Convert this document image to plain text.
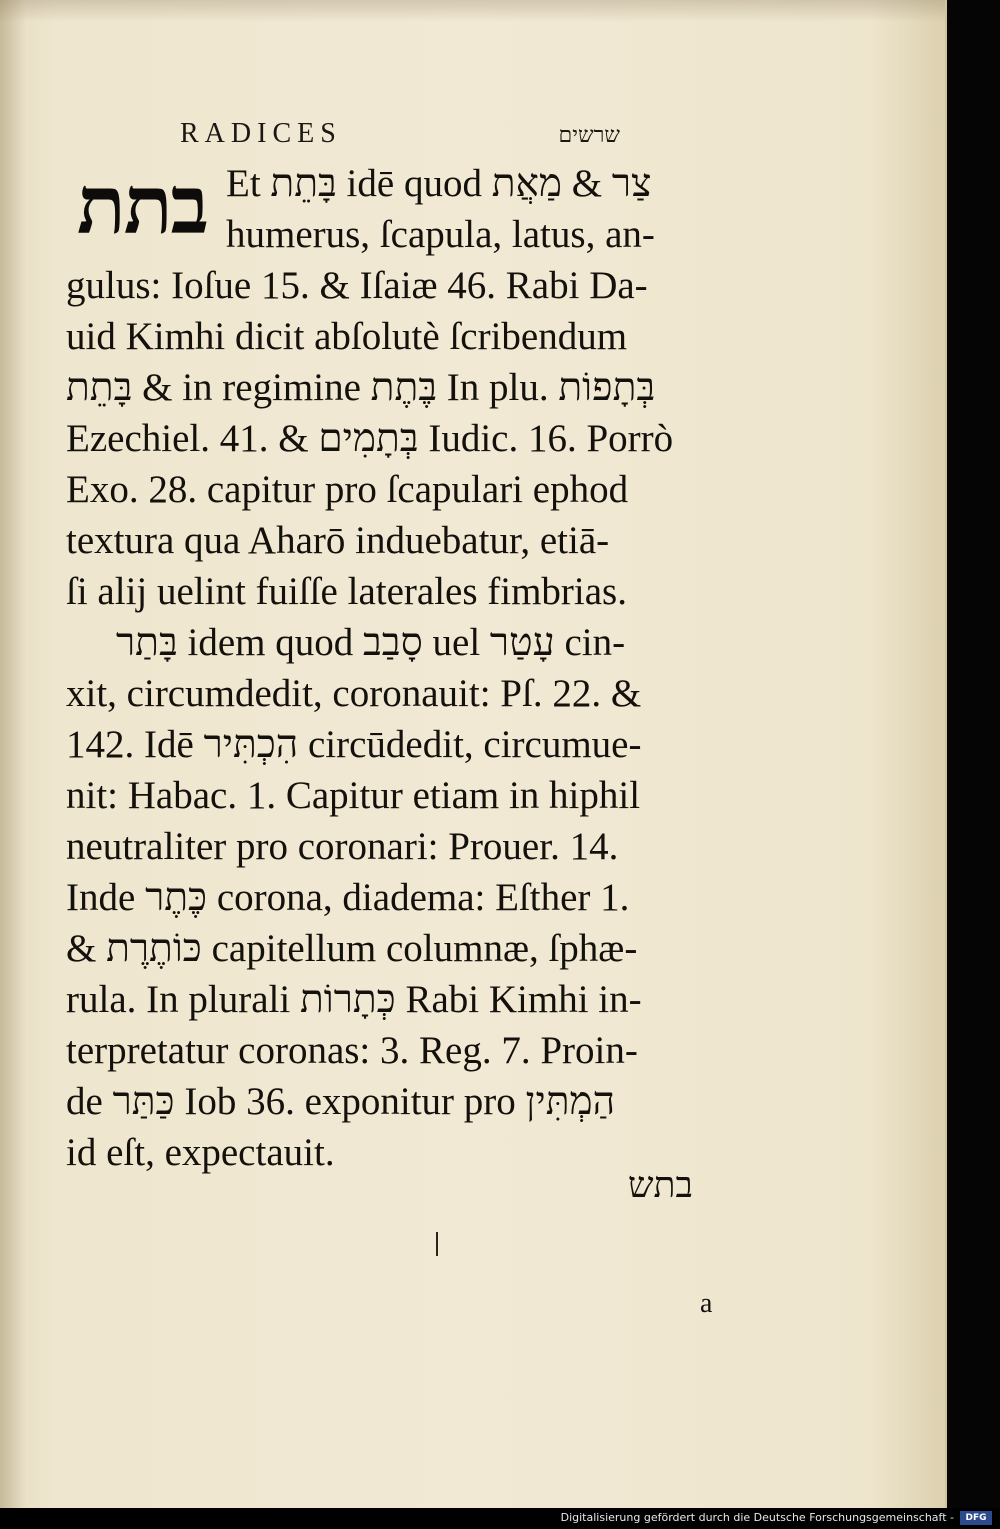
RADICES	שרשים
בתת Et בָּתֵת idē quod צַר & מַאֲת
humerus, ſcapula, latus, an-
gulus: Ioſue 15. & Iſaiæ 46. Rabi Da-
uid Kimhi dicit abſolutè ſcribendum
בָּתֵת & in regimine בֶּתֶת In plu. בְּתָפוֹת
Ezechiel. 41. & בְּתָמִים Iudic. 16. Porrò
Exo. 28. capitur pro ſcapulari ephod
textura qua Aharō induebatur, etiā-
ſi alij uelint fuiſſe laterales fimbrias.
בָּתַר idem quod סָבַב uel עָטַר cin-
xit, circumdedit, coronauit: Pſ. 22. &
142. Idē הִכְתִּיר circūdedit, circumue-
nit: Habac. 1. Capitur etiam in hiphil
neutraliter pro coronari: Prouer. 14.
Inde כֶּתֶר corona, diadema: Eſther 1.
& כּוֹתֶרֶת capitellum columnæ, ſphæ-
rula. In plurali כְּתָרוֹת Rabi Kimhi in-
terpretatur coronas: 3. Reg. 7. Proin-
de כַּתַּר Iob 36. exponitur pro הַמְתִּין
id eſt, expectauit.
בתש
a
Digitalisierung gefördert durch die Deutsche Forschungsgemeinschaft -	DFG
